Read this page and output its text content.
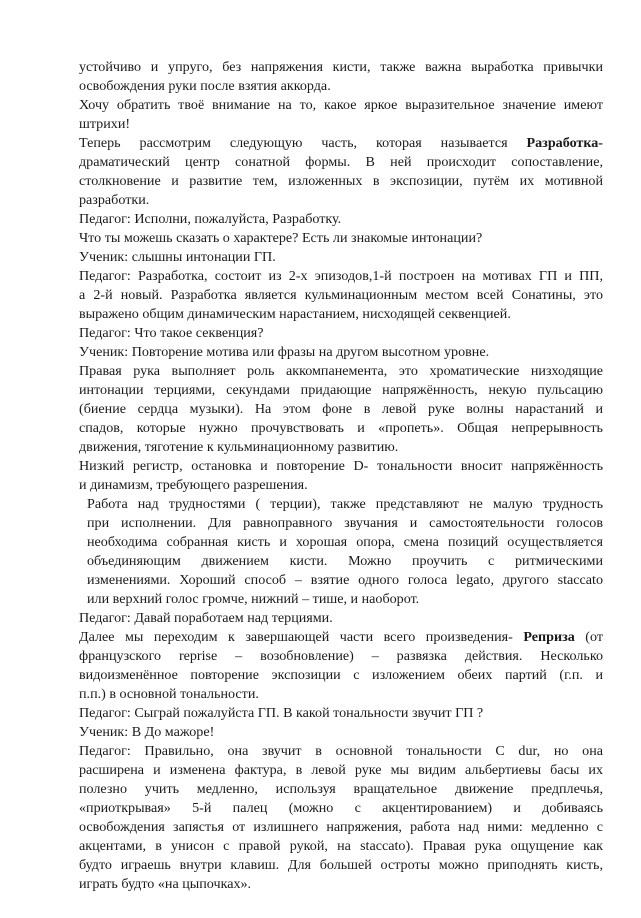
устойчиво и упруго, без напряжения кисти, также важна выработка привычки
освобождения руки после взятия аккорда.

Хочу обратить твоё внимание на то, какое яркое выразительное значение имеют
штрихи!

Теперь рассмотрим следующую часть, которая называется Разработка-
драматический центр сонатной формы. В ней происходит сопоставление,
столкновение и развитие тем, изложенных в экспозиции, путём их мотивной
разработки.

Педагог: Исполни, пожалуйста, Разработку.

Что ты можешь сказать о характере? Есть ли знакомые интонации?

Ученик: слышны интонации ГП.

Педагог: Разработка, состоит из 2-х эпизодов,1-й построен на мотивах ГП и ПП,
а 2-й новый. Разработка является кульминационным местом всей Сонатины, это
выражено общим динамическим нарастанием, нисходящей секвенцией.

Педагог: Что такое секвенция?

Ученик: Повторение мотива или фразы на другом высотном уровне.

Правая рука выполняет роль аккомпанемента, это хроматические низходящие
интонации терциями, секундами придающие напряжённость, некую пульсацию
(биение сердца музыки). На этом фоне в левой руке волны нарастаний и
спадов, которые нужно прочувствовать и «пропеть». Общая непрерывность
движения, тяготение к кульминационному развитию.

Низкий регистр, остановка и повторение D- тональности вносит напряжённость
и динамизм, требующего разрешения.

Работа над трудностями ( терции), также представляют не малую трудность
при исполнении. Для равноправного звучания и самостоятельности голосов
необходима собранная кисть и хорошая опора, смена позиций осуществляется
объединяющим движением кисти. Можно проучить с ритмическими
изменениями. Хороший способ – взятие одного голоса legato, другого staccato
или верхний голос громче, нижний – тише, и наоборот.

Педагог: Давай поработаем над терциями.

Далее мы переходим к завершающей части всего произведения- Реприза (от
французского reprise – возобновление) – развязка действия. Несколько
видоизменённое повторение экспозиции с изложением обеих партий (г.п. и
п.п.) в основной тональности.

Педагог: Сыграй пожалуйста ГП. В какой тональности звучит ГП ?

Ученик: В До мажоре!

Педагог: Правильно, она звучит в основной тональности C dur, но она
расширена и изменена фактура, в левой руке мы видим альбертиевы басы их
полезно учить медленно, используя вращательное движение предплечья,
«приоткрывая» 5-й палец (можно с акцентированием) и добиваясь
освобождения запястья от излишнего напряжения, работа над ними: медленно с
акцентами, в унисон с правой рукой, на staccato). Правая рука ощущение как
будто играешь внутри клавиш. Для большей остроты можно приподнять кисть,
играть будто «на цыпочках».
